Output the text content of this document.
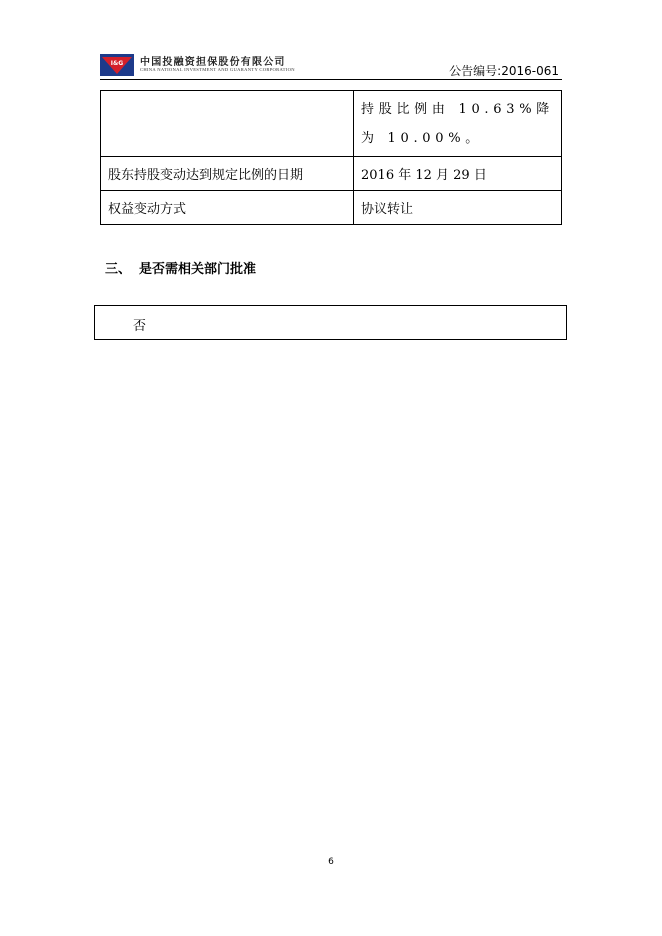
I&G 中国投融资担保股份有限公司
CHINA NATIONAL INVESTMENT AND GUARANTY CORPORATION	公告编号:2016-061

	持股比例由 10.63%降为 10.00%。

股东持股变动达到规定比例的日期	2016 年 12 月 29 日
权益变动方式	协议转让
三、 是否需相关部门批准
否
6
